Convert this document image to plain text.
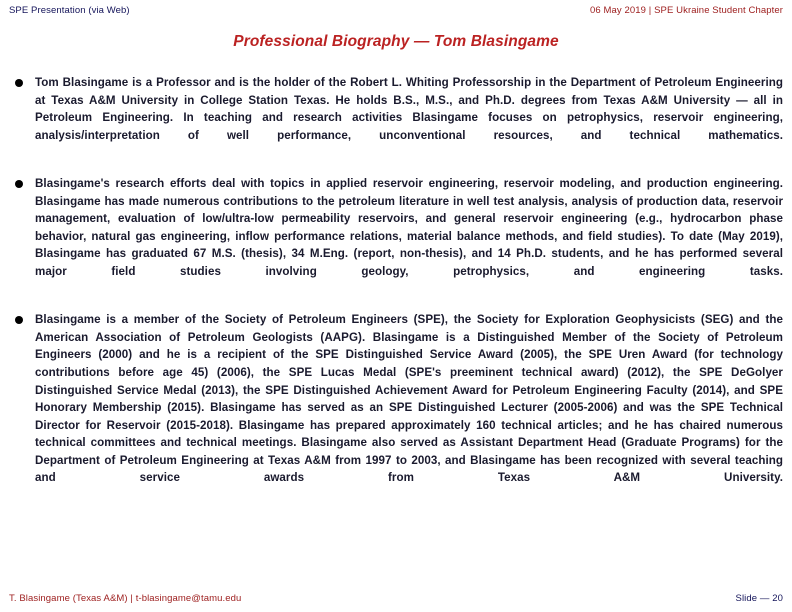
SPE Presentation (via Web)	06 May 2019 | SPE Ukraine Student Chapter
Professional Biography — Tom Blasingame
Tom Blasingame is a Professor and is the holder of the Robert L. Whiting Professorship in the Department of Petroleum Engineering at Texas A&M University in College Station Texas. He holds B.S., M.S., and Ph.D. degrees from Texas A&M University — all in Petroleum Engineering. In teaching and research activities Blasingame focuses on petrophysics, reservoir engineering, analysis/interpretation of well performance, unconventional resources, and technical mathematics.
Blasingame's research efforts deal with topics in applied reservoir engineering, reservoir modeling, and production engineering. Blasingame has made numerous contributions to the petroleum literature in well test analysis, analysis of production data, reservoir management, evaluation of low/ultra-low permeability reservoirs, and general reservoir engineering (e.g., hydrocarbon phase behavior, natural gas engineering, inflow performance relations, material balance methods, and field studies). To date (May 2019), Blasingame has graduated 67 M.S. (thesis), 34 M.Eng. (report, non-thesis), and 14 Ph.D. students, and he has performed several major field studies involving geology, petrophysics, and engineering tasks.
Blasingame is a member of the Society of Petroleum Engineers (SPE), the Society for Exploration Geophysicists (SEG) and the American Association of Petroleum Geologists (AAPG). Blasingame is a Distinguished Member of the Society of Petroleum Engineers (2000) and he is a recipient of the SPE Distinguished Service Award (2005), the SPE Uren Award (for technology contributions before age 45) (2006), the SPE Lucas Medal (SPE's preeminent technical award) (2012), the SPE DeGolyer Distinguished Service Medal (2013), the SPE Distinguished Achievement Award for Petroleum Engineering Faculty (2014), and SPE Honorary Membership (2015). Blasingame has served as an SPE Distinguished Lecturer (2005-2006) and was the SPE Technical Director for Reservoir (2015-2018). Blasingame has prepared approximately 160 technical articles; and he has chaired numerous technical committees and technical meetings. Blasingame also served as Assistant Department Head (Graduate Programs) for the Department of Petroleum Engineering at Texas A&M from 1997 to 2003, and Blasingame has been recognized with several teaching and service awards from Texas A&M University.
T. Blasingame (Texas A&M) | t-blasingame@tamu.edu	Slide — 20
